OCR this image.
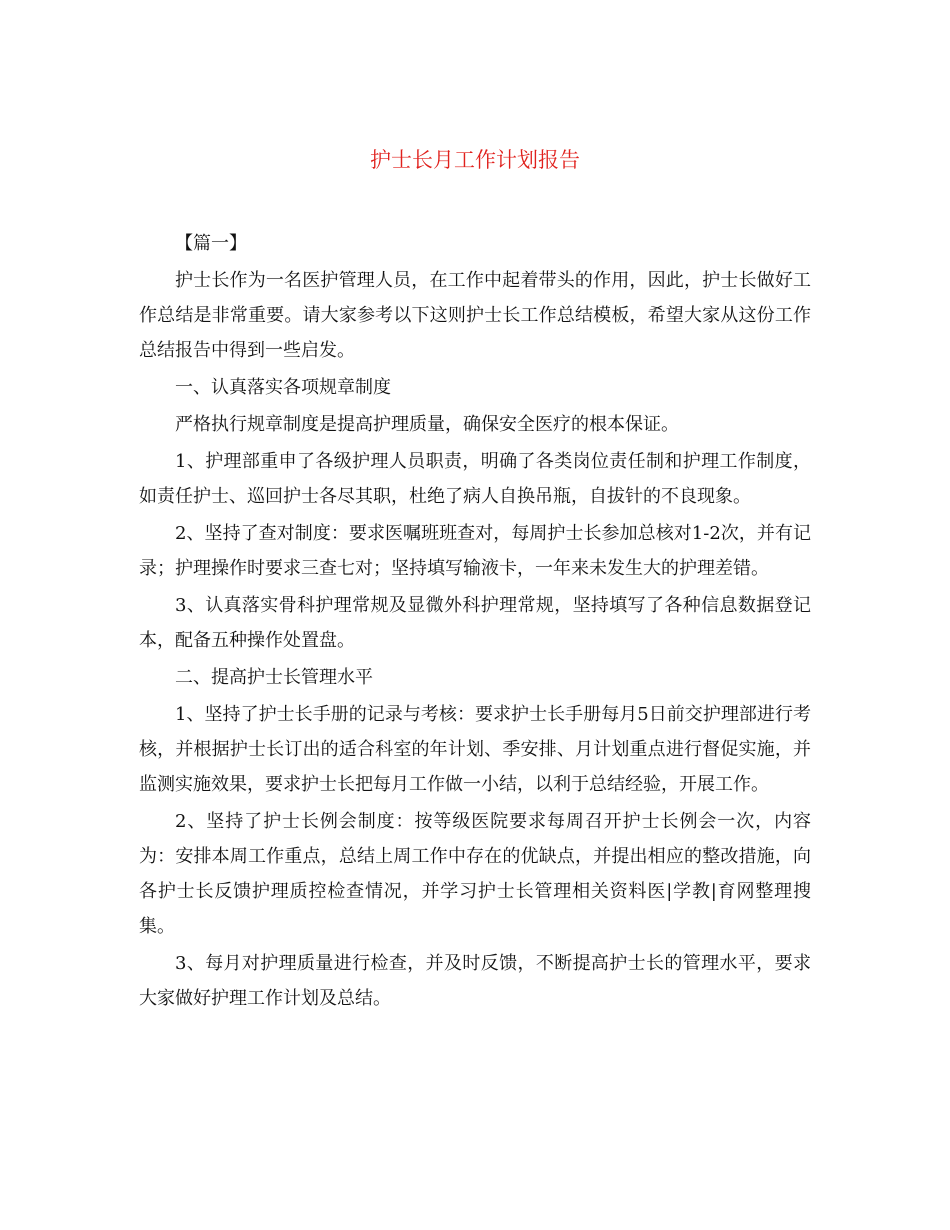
护士长月工作计划报告

【篇一】

护士长作为一名医护管理人员，在工作中起着带头的作用，因此，护士长做好工作总结是非常重要。请大家参考以下这则护士长工作总结模板，希望大家从这份工作总结报告中得到一些启发。

一、认真落实各项规章制度

严格执行规章制度是提高护理质量，确保安全医疗的根本保证。

1、护理部重申了各级护理人员职责，明确了各类岗位责任制和护理工作制度，如责任护士、巡回护士各尽其职，杜绝了病人自换吊瓶，自拔针的不良现象。

2、坚持了查对制度：要求医嘱班班查对，每周护士长参加总核对1-2次，并有记录；护理操作时要求三查七对；坚持填写输液卡，一年来未发生大的护理差错。

3、认真落实骨科护理常规及显微外科护理常规，坚持填写了各种信息数据登记本，配备五种操作处置盘。

二、提高护士长管理水平

1、坚持了护士长手册的记录与考核：要求护士长手册每月5日前交护理部进行考核，并根据护士长订出的适合科室的年计划、季安排、月计划重点进行督促实施，并监测实施效果，要求护士长把每月工作做一小结，以利于总结经验，开展工作。

2、坚持了护士长例会制度：按等级医院要求每周召开护士长例会一次，内容为：安排本周工作重点，总结上周工作中存在的优缺点，并提出相应的整改措施，向各护士长反馈护理质控检查情况，并学习护士长管理相关资料医|学教|育网整理搜集。

3、每月对护理质量进行检查，并及时反馈，不断提高护士长的管理水平，要求大家做好护理工作计划及总结。
